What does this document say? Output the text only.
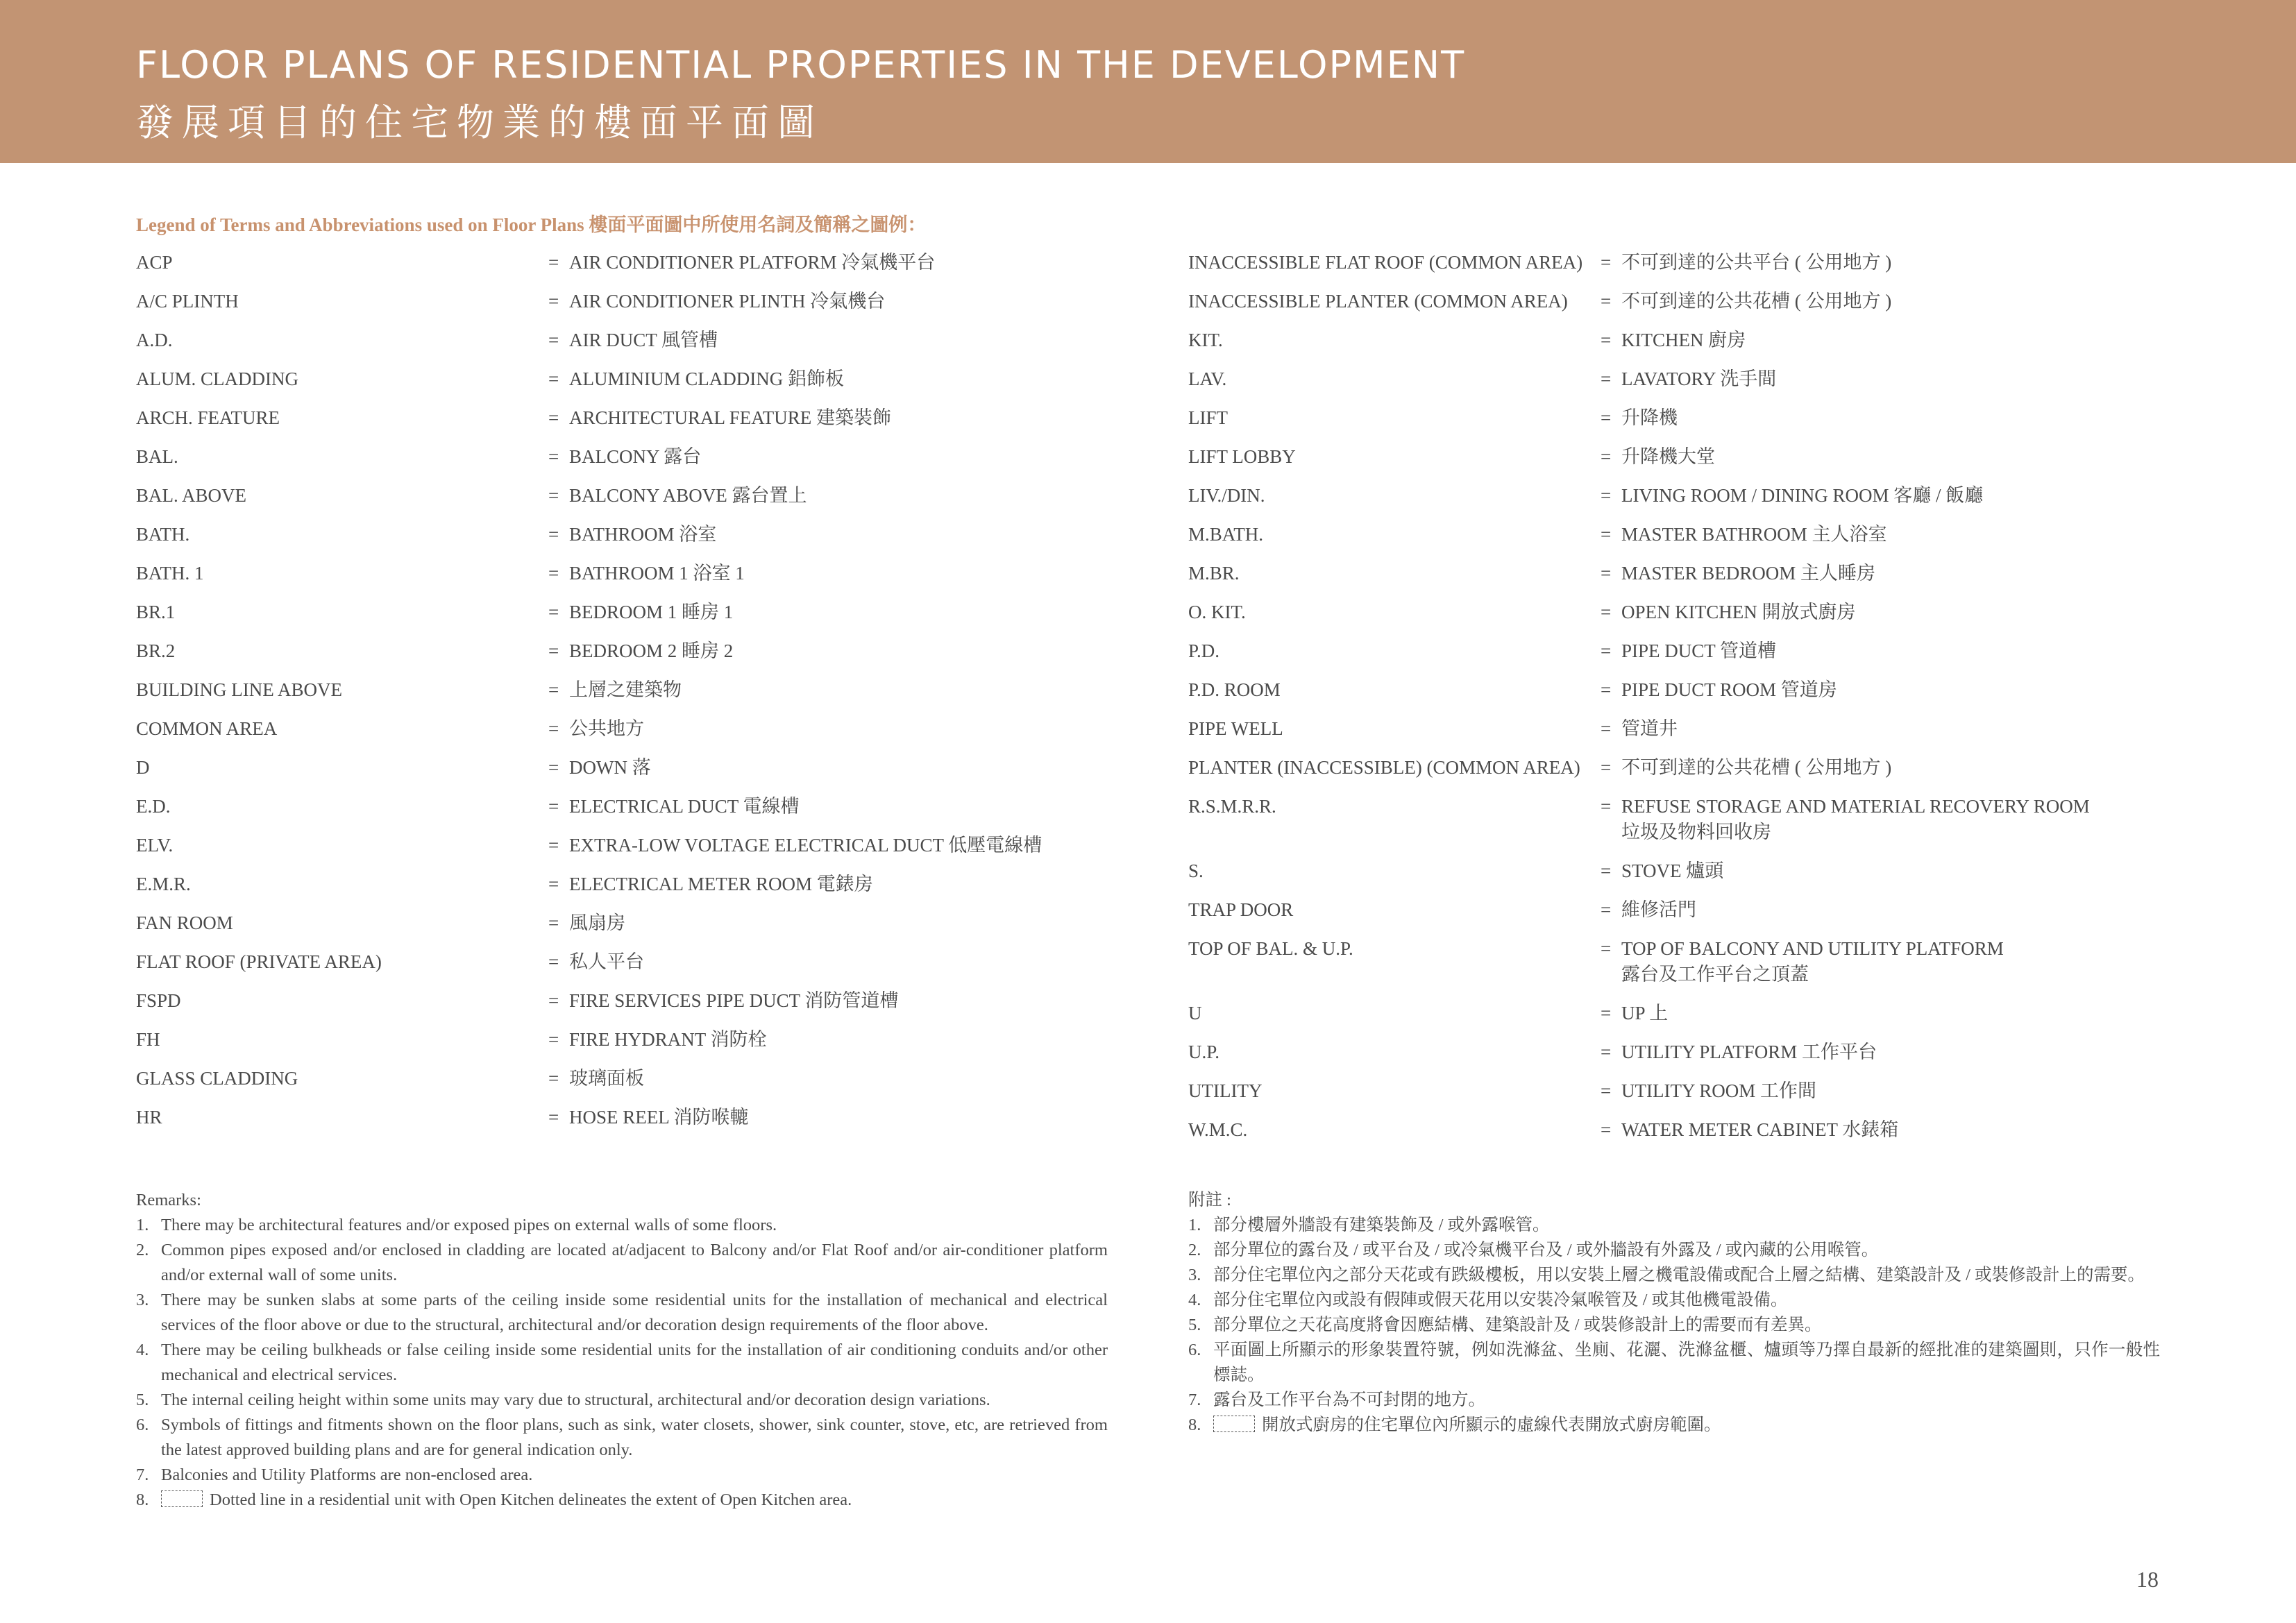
FLOOR PLANS OF RESIDENTIAL PROPERTIES IN THE DEVELOPMENT
發展項目的住宅物業的樓面平面圖
Legend of Terms and Abbreviations used on Floor Plans 樓面平面圖中所使用名詞及簡稱之圖例：
ACP	= AIR CONDITIONER PLATFORM 冷氣機平台
A/C PLINTH	= AIR CONDITIONER PLINTH 冷氣機台
A.D.	= AIR DUCT 風管槽
ALUM. CLADDING	= ALUMINIUM CLADDING 鋁飾板
ARCH. FEATURE	= ARCHITECTURAL FEATURE 建築裝飾
BAL.	= BALCONY 露台
BAL. ABOVE	= BALCONY ABOVE 露台置上
BATH.	= BATHROOM 浴室
BATH. 1	= BATHROOM 1 浴室 1
BR.1	= BEDROOM 1 睡房 1
BR.2	= BEDROOM 2 睡房 2
BUILDING LINE ABOVE	= 上層之建築物
COMMON AREA	= 公共地方
D	= DOWN 落
E.D.	= ELECTRICAL DUCT 電線槽
ELV.	= EXTRA-LOW VOLTAGE ELECTRICAL DUCT 低壓電線槽
E.M.R.	= ELECTRICAL METER ROOM 電錶房
FAN ROOM	= 風扇房
FLAT ROOF (PRIVATE AREA)	= 私人平台
FSPD	= FIRE SERVICES PIPE DUCT 消防管道槽
FH	= FIRE HYDRANT 消防栓
GLASS CLADDING	= 玻璃面板
HR	= HOSE REEL 消防喉轆
INACCESSIBLE FLAT ROOF (COMMON AREA) = 不可到達的公共平台 ( 公用地方 )
INACCESSIBLE PLANTER (COMMON AREA)	= 不可到達的公共花槽 ( 公用地方 )
KIT.	= KITCHEN 廚房
LAV.	= LAVATORY 洗手間
LIFT	= 升降機
LIFT LOBBY	= 升降機大堂
LIV./DIN.	= LIVING ROOM / DINING ROOM 客廳 / 飯廳
M.BATH.	= MASTER BATHROOM 主人浴室
M.BR.	= MASTER BEDROOM 主人睡房
O. KIT.	= OPEN KITCHEN 開放式廚房
P.D.	= PIPE DUCT 管道槽
P.D. ROOM	= PIPE DUCT ROOM 管道房
PIPE WELL	= 管道井
PLANTER (INACCESSIBLE) (COMMON AREA)	= 不可到達的公共花槽 ( 公用地方 )
R.S.M.R.R.	= REFUSE STORAGE AND MATERIAL RECOVERY ROOM
垃圾及物料回收房
S.	= STOVE 爐頭
TRAP DOOR	= 維修活門
TOP OF BAL. & U.P.	= TOP OF BALCONY AND UTILITY PLATFORM
露台及工作平台之頂蓋
U	= UP 上
U.P.	= UTILITY PLATFORM 工作平台
UTILITY	= UTILITY ROOM 工作間
W.M.C.	= WATER METER CABINET 水錶箱
Remarks:
1. There may be architectural features and/or exposed pipes on external walls of some floors.
2. Common pipes exposed and/or enclosed in cladding are located at/adjacent to Balcony and/or Flat Roof and/or air-conditioner platform and/or external wall of some units.
3. There may be sunken slabs at some parts of the ceiling inside some residential units for the installation of mechanical and electrical services of the floor above or due to the structural, architectural and/or decoration design requirements of the floor above.
4. There may be ceiling bulkheads or false ceiling inside some residential units for the installation of air conditioning conduits and/or other mechanical and electrical services.
5. The internal ceiling height within some units may vary due to structural, architectural and/or decoration design variations.
6. Symbols of fittings and fitments shown on the floor plans, such as sink, water closets, shower, sink counter, stove, etc, are retrieved from the latest approved building plans and are for general indication only.
7. Balconies and Utility Platforms are non-enclosed area.
8.	Dotted line in a residential unit with Open Kitchen delineates the extent of Open Kitchen area.
附註 :
1. 部分樓層外牆設有建築裝飾及 / 或外露喉管。
2. 部分單位的露台及 / 或平台及 / 或冷氣機平台及 / 或外牆設有外露及 / 或內藏的公用喉管。
3. 部分住宅單位內之部分天花或有跌級樓板，用以安裝上層之機電設備或配合上層之結構、建築設計及 / 或裝修設計上的需要。
4. 部分住宅單位內或設有假陣或假天花用以安裝冷氣喉管及 / 或其他機電設備。
5. 部分單位之天花高度將會因應結構、建築設計及 / 或裝修設計上的需要而有差異。
6. 平面圖上所顯示的形象裝置符號，例如洗滌盆、坐廁、花灑、洗滌盆櫃、爐頭等乃擇自最新的經批准的建築圖則，只作一般性標誌。
7. 露台及工作平台為不可封閉的地方。
8.	開放式廚房的住宅單位內所顯示的虛線代表開放式廚房範圍。
18
